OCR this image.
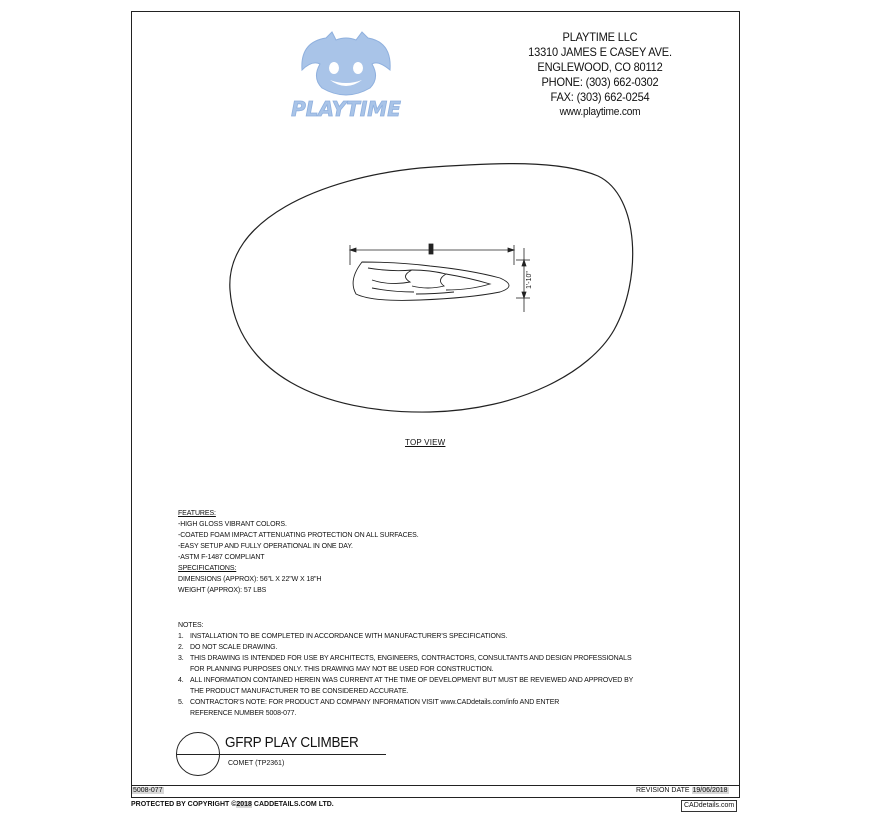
PLAYTIME
PLAYTIME LLC
13310 JAMES E CASEY AVE.
ENGLEWOOD, CO 80112
PHONE: (303) 662-0302
FAX: (303) 662-0254
www.playtime.com
1'-10"
TOP VIEW
FEATURES:
-HIGH GLOSS VIBRANT COLORS.
-COATED FOAM IMPACT ATTENUATING PROTECTION ON ALL SURFACES.
-EASY SETUP AND FULLY OPERATIONAL IN ONE DAY.
-ASTM F-1487 COMPLIANT
SPECIFICATIONS:
DIMENSIONS (APPROX): 56"L X 22"W X 18"H
WEIGHT (APPROX): 57 LBS
NOTES:
1. INSTALLATION TO BE COMPLETED IN ACCORDANCE WITH MANUFACTURER'S SPECIFICATIONS.
2. DO NOT SCALE DRAWING.
3. THIS DRAWING IS INTENDED FOR USE BY ARCHITECTS, ENGINEERS, CONTRACTORS, CONSULTANTS AND DESIGN PROFESSIONALS
FOR PLANNING PURPOSES ONLY. THIS DRAWING MAY NOT BE USED FOR CONSTRUCTION.
4. ALL INFORMATION CONTAINED HEREIN WAS CURRENT AT THE TIME OF DEVELOPMENT BUT MUST BE REVIEWED AND APPROVED BY
THE PRODUCT MANUFACTURER TO BE CONSIDERED ACCURATE.
5. CONTRACTOR'S NOTE: FOR PRODUCT AND COMPANY INFORMATION VISIT www.CADdetails.com/info AND ENTER
REFERENCE NUMBER 5008-077.
GFRP PLAY CLIMBER
COMET (TP2361)
5008-077	REVISION DATE 19/06/2018
PROTECTED BY COPYRIGHT ©2018 CADDETAILS.COM LTD.	CADdetails.com
